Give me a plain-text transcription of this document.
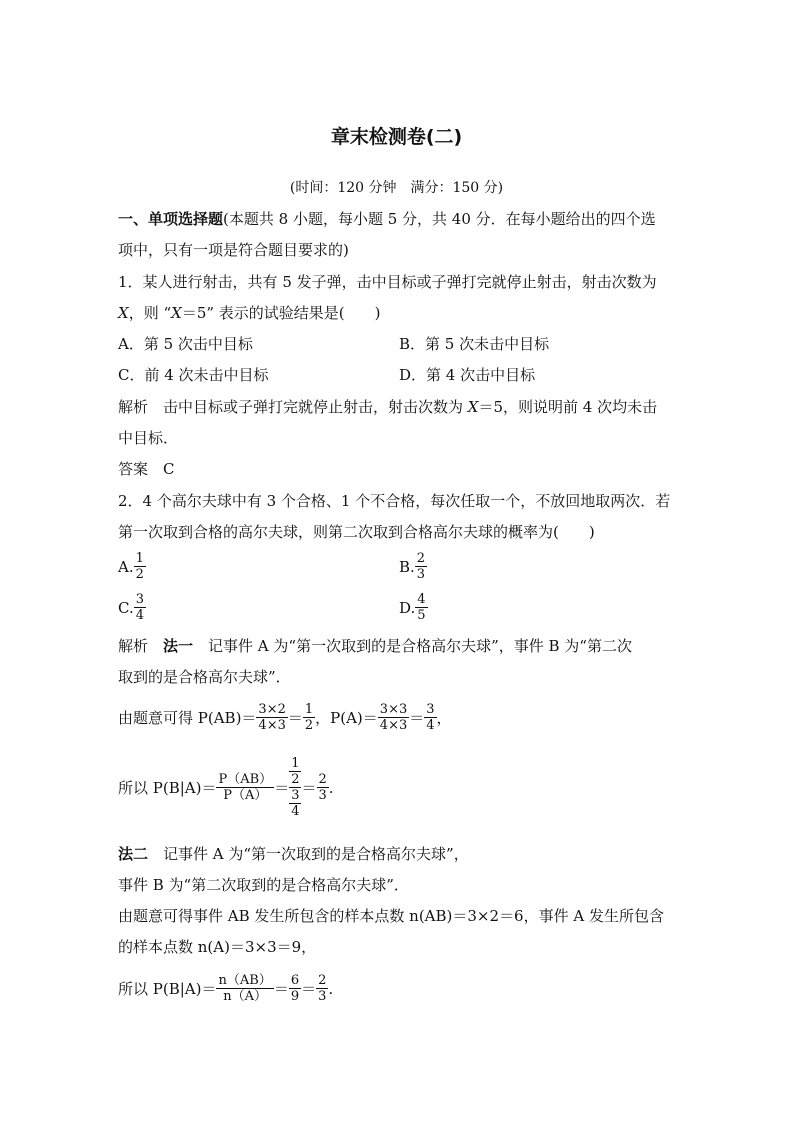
章末检测卷(二)
(时间：120 分钟　满分：150 分)
一、单项选择题(本题共 8 小题，每小题 5 分，共 40 分．在每小题给出的四个选
项中，只有一项是符合题目要求的)
1．某人进行射击，共有 5 发子弹，击中目标或子弹打完就停止射击，射击次数为
X，则 “X＝5” 表示的试验结果是(　　)
A．第 5 次击中目标	B．第 5 次未击中目标
C．前 4 次未击中目标	D．第 4 次击中目标
解析　击中目标或子弹打完就停止射击，射击次数为 X＝5，则说明前 4 次均未击
中目标．
答案　C
2．4 个高尔夫球中有 3 个合格、1 个不合格，每次任取一个，不放回地取两次．若
第一次取到合格的高尔夫球，则第二次取到合格高尔夫球的概率为(　　)
A. $\frac{1}{2}$	B. $\frac{2}{3}$
C. $\frac{3}{4}$	D. $\frac{4}{5}$
解析　法一　记事件 A 为“第一次取到的是合格高尔夫球”，事件 B 为“第二次
取到的是合格高尔夫球”．
由题意可得 $P(AB)= \frac{3\times 2}{4\times 3} = \frac{1}{2}$ ，$P(A)= \frac{3\times 3}{4\times 3} = \frac{3}{4}$ ，
所以 $P(B|A)= \frac{P(AB)}{P(A)} = \frac{\frac{1}{2}}{\frac{3}{4}} = \frac{2}{3}$ .
法二　记事件 A 为“第一次取到的是合格高尔夫球”，
事件 B 为“第二次取到的是合格高尔夫球”．
由题意可得事件 AB 发生所包含的样本点数 n(AB)＝3×2＝6，事件 A 发生所包含
的样本点数 n(A)＝3×3＝9，
所以 $P(B|A)= \frac{n(AB)}{n(A)} = \frac{6}{9} = \frac{2}{3}$ .
